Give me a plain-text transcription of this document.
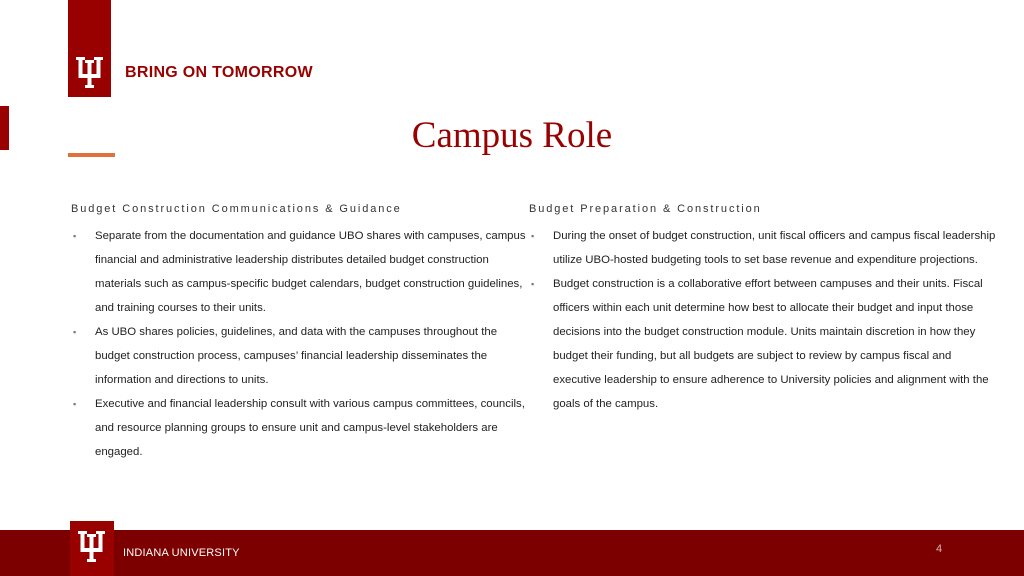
BRING ON TOMORROW
Campus Role
Budget Construction Communications & Guidance
▪ Separate from the documentation and guidance UBO shares with campuses, campus financial and administrative leadership distributes detailed budget construction materials such as campus-specific budget calendars, budget construction guidelines, and training courses to their units.
▪ As UBO shares policies, guidelines, and data with the campuses throughout the budget construction process, campuses’ financial leadership disseminates the information and directions to units.
▪ Executive and financial leadership consult with various campus committees, councils, and resource planning groups to ensure unit and campus-level stakeholders are engaged.
Budget Preparation & Construction
▪ During the onset of budget construction, unit fiscal officers and campus fiscal leadership utilize UBO-hosted budgeting tools to set base revenue and expenditure projections.
▪ Budget construction is a collaborative effort between campuses and their units. Fiscal officers within each unit determine how best to allocate their budget and input those decisions into the budget construction module. Units maintain discretion in how they budget their funding, but all budgets are subject to review by campus fiscal and executive leadership to ensure adherence to University policies and alignment with the goals of the campus.
INDIANA UNIVERSITY	4
